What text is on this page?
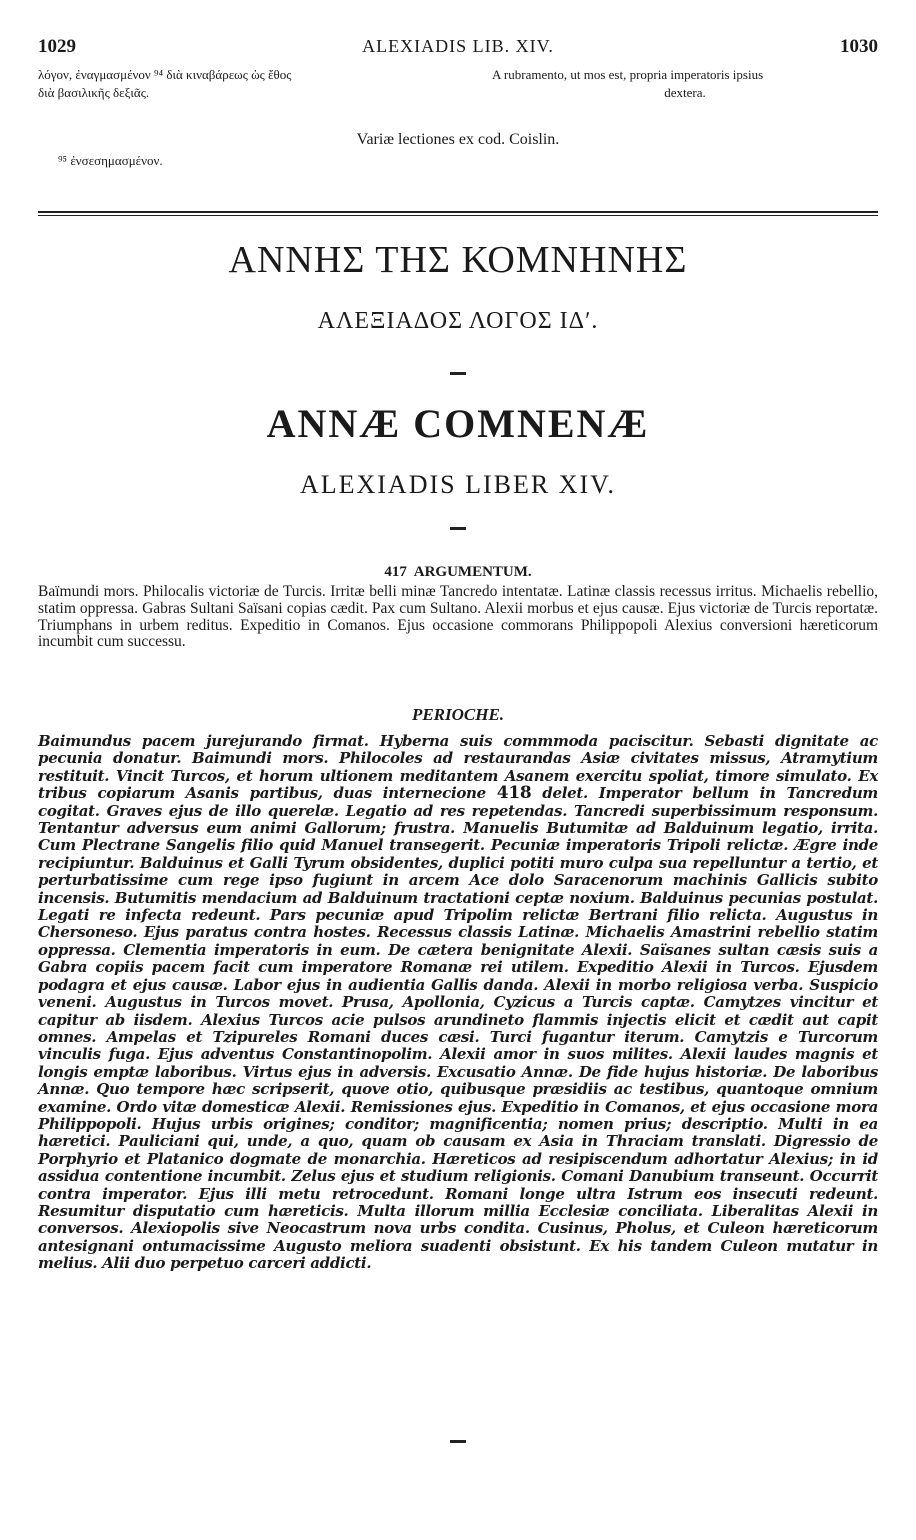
1029	ALEXIADIS LIB. XIV.	1030
λόγον, ἐναγμασμένον ⁹⁴ διὰ κιναβάρεως ὡς ἔθος
διὰ βασιλικῆς δεξιᾶς.
A rubramento, ut mos est, propria imperatoris ipsius
dextera.
Variæ lectiones ex cod. Coislin.
⁹⁵ ἐνσεσημασμένον.
ΑΝΝΗΣ ΤΗΣ ΚΟΜΝΗΝΗΣ
ΑΛΕΞΙΑΔΟΣ ΛΟΓΟΣ ΙΔʹ.
ANNÆ COMNENÆ
ALEXIADIS LIBER XIV.
417 ARGUMENTUM.
Baïmundi mors. Philocalis victoriæ de Turcis. Irritæ belli minæ Tancredo intentatæ. Latinæ classis recessus irritus. Michaelis rebellio, statim oppressa. Gabras Sultani Saïsani copias cædit. Pax cum Sultano. Alexii morbus et ejus causæ. Ejus victoriæ de Turcis reportatæ. Triumphans in urbem reditus. Expeditio in Comanos. Ejus occasione commorans Philippopoli Alexius conversioni hæreticorum incumbit cum successu.
PERIOCHE.
Baimundus pacem jurejurando firmat. Hyberna suis commmoda paciscitur. Sebasti dignitate ac pecunia donatur. Baimundi mors. Philocoles ad restaurandas Asiæ civitates missus, Atramytium restituit. Vincit Turcos, et horum ultionem meditantem Asanem exercitu spoliat, timore simulato. Ex tribus copiarum Asanis partibus, duas internecione 418 delet. Imperator bellum in Tancredum cogitat. Graves ejus de illo querelæ. Legatio ad res repetendas. Tancredi superbissimum responsum. Tentantur adversus eum animi Gallorum; frustra. Manuelis Butumitæ ad Balduinum legatio, irrita. Cum Plectrane Sangelis filio quid Manuel transegerit. Pecuniæ imperatoris Tripoli relictæ. Ægre inde recipiuntur. Balduinus et Galli Tyrum obsidentes, duplici potiti muro culpa sua repelluntur a tertio, et perturbatissime cum rege ipso fugiunt in arcem Ace dolo Saracenorum machinis Gallicis subito incensis. Butumitis mendacium ad Balduinum tractationi ceptæ noxium. Balduinus pecunias postulat. Legati re infecta redeunt. Pars pecuniæ apud Tripolim relictæ Bertrani filio relicta. Augustus in Chersoneso. Ejus paratus contra hostes. Recessus classis Latinæ. Michaelis Amastrini rebellio statim oppressa. Clementia imperatoris in eum. De cætera benignitate Alexii. Saïsanes sultan cæsis suis a Gabra copiis pacem facit cum imperatore Romanæ rei utilem. Expeditio Alexii in Turcos. Ejusdem podagra et ejus causæ. Labor ejus in audientia Gallis danda. Alexii in morbo religiosa verba. Suspicio veneni. Augustus in Turcos movet. Prusa, Apollonia, Cyzicus a Turcis captæ. Camytzes vincitur et capitur ab iisdem. Alexius Turcos acie pulsos arundineto flammis injectis elicit et cædit aut capit omnes. Ampelas et Tzipureles Romani duces cæsi. Turci fugantur iterum. Camytzis e Turcorum vinculis fuga. Ejus adventus Constantinopolim. Alexii amor in suos milites. Alexii laudes magnis et longis emptæ laboribus. Virtus ejus in adversis. Excusatio Annæ. De fide hujus historiæ. De laboribus Annæ. Quo tempore hæc scripserit, quove otio, quibusque præsidiis ac testibus, quantoque omnium examine. Ordo vitæ domesticæ Alexii. Remissiones ejus. Expeditio in Comanos, et ejus occasione mora Philippopoli. Hujus urbis origines; conditor; magnificentia; nomen prius; descriptio. Multi in ea hæretici. Pauliciani qui, unde, a quo, quam ob causam ex Asia in Thraciam translati. Digressio de Porphyrio et Platanico dogmate de monarchia. Hæreticos ad resipiscendum adhortatur Alexius; in id assidua contentione incumbit. Zelus ejus et studium religionis. Comani Danubium transeunt. Occurrit contra imperator. Ejus illi metu retrocedunt. Romani longe ultra Istrum eos insecuti redeunt. Resumitur disputatio cum hæreticis. Multa illorum millia Ecclesiæ conciliata. Liberalitas Alexii in conversos. Alexiopolis sive Neocastrum nova urbs condita. Cusinus, Pholus, et Culeon hæreticorum antesignani ontumacissime Augusto meliora suadenti obsistunt. Ex his tandem Culeon mutatur in melius. Alii duo perpetuo carceri addicti.
